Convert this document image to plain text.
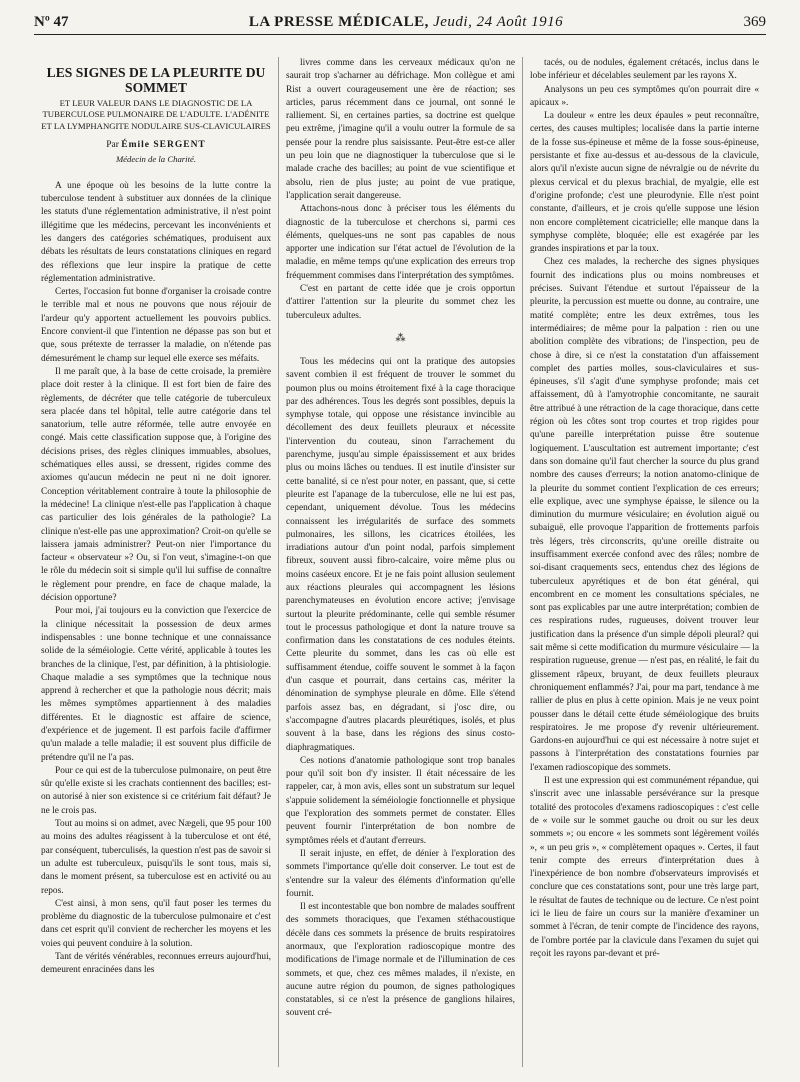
Nº 47	LA PRESSE MÉDICALE, Jeudi, 24 Août 1916	369
LES SIGNES DE LA PLEURITE DU SOMMET
ET LEUR VALEUR DANS LE DIAGNOSTIC DE LA TUBERCULOSE PULMONAIRE DE L'ADULTE. L'ADÉNITE ET LA LYMPHANGITE NODULAIRE SUS-CLAVICULAIRES
Par Émile SERGENT
Médecin de la Charité.

A une époque où les besoins de la lutte contre la tuberculose tendent à substituer aux données de la clinique les statuts d'une réglementation administrative, il n'est point illégitime que les médecins, percevant les inconvénients et les dangers des catégories schématiques, produisent aux débats les résultats de leurs constatations cliniques en regard des réflexions que leur inspire la pratique de cette réglementation administrative.

Certes, l'occasion fut bonne d'organiser la croisade contre le terrible mal et nous ne pouvons que nous réjouir de l'ardeur qu'y apportent actuellement les pouvoirs publics. Encore convient-il que l'intention ne dépasse pas son but et que, sous prétexte de terrasser la maladie, on n'étende pas démesurément le champ sur lequel elle exerce ses méfaits.

Il me paraît que, à la base de cette croisade, la première place doit rester à la clinique. Il est fort bien de faire des règlements, de décréter que telle catégorie de tuberculeux sera placée dans tel hôpital, telle autre catégorie dans tel sanatorium, telle autre réformée, telle autre envoyée en congé. Mais cette classification suppose que, à l'origine des décisions prises, des règles cliniques immuables, absolues, schématiques elles aussi, se dressent, rigides comme des axiomes qu'aucun médecin ne peut ni ne doit ignorer. Conception véritablement contraire à toute la philosophie de la médecine! La clinique n'est-elle pas l'application à chaque cas particulier des lois générales de la pathologie? La clinique n'est-elle pas une approximation? Croit-on qu'elle se laissera jamais administrer? Peut-on nier l'importance du facteur « observateur »? Ou, si l'on veut, s'imagine-t-on que le rôle du médecin soit si simple qu'il lui suffise de connaître le règlement pour prendre, en face de chaque malade, la décision opportune?

Pour moi, j'ai toujours eu la conviction que l'exercice de la clinique nécessitait la possession de deux armes indispensables : une bonne technique et une connaissance solide de la séméiologie. Cette vérité, applicable à toutes les branches de la clinique, l'est, par définition, à la phtisiologie. Chaque maladie a ses symptômes que la technique nous apprend à rechercher et que la pathologie nous décrit; mais les mêmes symptômes appartiennent à des maladies différentes. Et le diagnostic est affaire de science, d'expérience et de jugement. Il est parfois facile d'affirmer qu'un malade a telle maladie; il est souvent plus difficile de prétendre qu'il ne l'a pas.

Pour ce qui est de la tuberculose pulmonaire, on peut être sûr qu'elle existe si les crachats contiennent des bacilles; est-on autorisé à nier son existence si ce critérium fait défaut? Je ne le crois pas.

Tout au moins si on admet, avec Nægeli, que 95 pour 100 au moins des adultes réagissent à la tuberculose et ont été, par conséquent, tuberculisés, la question n'est pas de savoir si un adulte est tuberculeux, puisqu'ils le sont tous, mais si, dans le moment présent, sa tuberculose est en activité ou au repos.

C'est ainsi, à mon sens, qu'il faut poser les termes du problème du diagnostic de la tuberculose pulmonaire et c'est dans cet esprit qu'il convient de rechercher les moyens et les voies qui peuvent conduire à la solution.

Tant de vérités vénérables, reconnues erreurs aujourd'hui, demeurent enracinées dans les

livres comme dans les cerveaux médicaux qu'on ne saurait trop s'acharner au défrichage. Mon collègue et ami Rist a ouvert courageusement une ère de réaction; ses articles, parus récemment dans ce journal, ont sonné le ralliement. Si, en certaines parties, sa doctrine est quelque peu extrême, j'imagine qu'il a voulu outrer la formule de sa pensée pour la rendre plus saisissante. Peut-être est-ce aller un peu loin que ne diagnostiquer la tuberculose que si le malade crache des bacilles; au point de vue scientifique et absolu, rien de plus juste; au point de vue pratique, l'application serait dangereuse.

Attachons-nous donc à préciser tous les éléments du diagnostic de la tuberculose et cherchons si, parmi ces éléments, quelques-uns ne sont pas capables de nous apporter une indication sur l'état actuel de l'évolution de la maladie, en même temps qu'une explication des erreurs trop fréquemment commises dans l'interprétation des symptômes.

C'est en partant de cette idée que je crois opportun d'attirer l'attention sur la pleurite du sommet chez les tuberculeux adultes.

⁂

Tous les médecins qui ont la pratique des autopsies savent combien il est fréquent de trouver le sommet du poumon plus ou moins étroitement fixé à la cage thoracique par des adhérences. Tous les degrés sont possibles, depuis la symphyse totale, qui oppose une résistance invincible au décollement des deux feuillets pleuraux et nécessite l'intervention du couteau, sinon l'arrachement du parenchyme, jusqu'au simple épaississement et aux brides plus ou moins lâches ou tendues. Il est inutile d'insister sur cette banalité, si ce n'est pour noter, en passant, que, si cette pleurite est l'apanage de la tuberculose, elle ne lui est pas, cependant, uniquement dévolue. Tous les médecins connaissent les irrégularités de surface des sommets pulmonaires, les sillons, les cicatrices étoilées, les irradiations autour d'un point nodal, parfois simplement fibreux, souvent aussi fibro-calcaire, voire même plus ou moins caséeux encore. Et je ne fais point allusion seulement aux réactions pleurales qui accompagnent les lésions parenchymateuses en évolution encore active; j'envisage surtout la pleurite prédominante, celle qui semble résumer tout le processus pathologique et dont la nature trouve sa confirmation dans les constatations de ces nodules éteints. Cette pleurite du sommet, dans les cas où elle est suffisamment étendue, coiffe souvent le sommet à la façon d'un casque et pourrait, dans certains cas, mériter la dénomination de symphyse pleurale en dôme. Elle s'étend parfois assez bas, en dégradant, si j'osc dire, ou s'accompagne d'autres placards pleurétiques, isolés, et plus souvent à la base, dans les régions des sinus costo-diaphragmatiques.

Ces notions d'anatomie pathologique sont trop banales pour qu'il soit bon d'y insister. Il était nécessaire de les rappeler, car, à mon avis, elles sont un substratum sur lequel s'appuie solidement la séméiologie fonctionnelle et physique que l'exploration des sommets permet de constater. Elles peuvent fournir l'interprétation de bon nombre de symptômes réels et d'autant d'erreurs.

Il serait injuste, en effet, de dénier à l'exploration des sommets l'importance qu'elle doit conserver. Le tout est de s'entendre sur la valeur des éléments d'information qu'elle fournit.

Il est incontestable que bon nombre de malades souffrent des sommets thoraciques, que l'examen stéthacoustique décèle dans ces sommets la présence de bruits respiratoires anormaux, que l'exploration radioscopique montre des modifications de l'image normale et de l'illumination de ces sommets, et que, chez ces mêmes malades, il n'existe, en aucune autre région du poumon, de signes pathologiques constatables, si ce n'est la présence de ganglions hilaires, souvent cré-

tacés, ou de nodules, également crétacés, inclus dans le lobe inférieur et décelables seulement par les rayons X.

Analysons un peu ces symptômes qu'on pourrait dire « apicaux ».

La douleur « entre les deux épaules » peut reconnaître, certes, des causes multiples; localisée dans la partie interne de la fosse sus-épineuse et même de la fosse sous-épineuse, persistante et fixe au-dessus et au-dessous de la clavicule, alors qu'il n'existe aucun signe de névralgie ou de névrite du plexus cervical et du plexus brachial, de myalgie, elle est d'origine profonde; c'est une pleurodynie. Elle n'est point constante, d'ailleurs, et je crois qu'elle suppose une lésion non encore complètement cicatricielle; elle manque dans la symphyse complète, bloquée; elle est exagérée par les grandes inspirations et par la toux.

Chez ces malades, la recherche des signes physiques fournit des indications plus ou moins nombreuses et précises. Suivant l'étendue et surtout l'épaisseur de la pleurite, la percussion est muette ou donne, au contraire, une matité complète; entre les deux extrêmes, tous les intermédiaires; de même pour la palpation : rien ou une abolition complète des vibrations; de l'inspection, peu de chose à dire, si ce n'est la constatation d'un affaissement complet des parties molles, sous-claviculaires et sus-épineuses, s'il s'agit d'une symphyse profonde; mais cet affaissement, dû à l'amyotrophie concomitante, ne saurait être attribué à une rétraction de la cage thoracique, dans cette région où les côtes sont trop courtes et trop rigides pour qu'une pareille interprétation puisse être soutenue logiquement. L'auscultation est autrement importante; c'est dans son domaine qu'il faut chercher la source du plus grand nombre des causes d'erreurs; la notion anatomo-clinique de la pleurite du sommet contient l'explication de ces erreurs; elle explique, avec une symphyse épaisse, le silence ou la diminution du murmure vésiculaire; en évolution aiguë ou subaiguë, elle provoque l'apparition de frottements parfois très légers, très circonscrits, qu'une oreille distraite ou insuffisamment exercée confond avec des râles; nombre de soi-disant craquements secs, entendus chez des légions de tuberculeux apyrétiques et de bon état général, qui encombrent en ce moment les consultations spéciales, ne sont pas explicables par une autre interprétation; combien de ces respirations rudes, rugueuses, doivent trouver leur justification dans la présence d'un simple dépoli pleural? qui sait même si cette modification du murmure vésiculaire — la respiration rugueuse, grenue — n'est pas, en réalité, le fait du glissement râpeux, bruyant, de deux feuillets pleuraux chroniquement enflammés? J'ai, pour ma part, tendance à me rallier de plus en plus à cette opinion. Mais je ne veux point pousser dans le détail cette étude séméiologique des bruits respiratoires. Je me propose d'y revenir ultérieurement. Gardons-en aujourd'hui ce qui est nécessaire à notre sujet et passons à l'interprétation des constatations fournies par l'examen radioscopique des sommets.

Il est une expression qui est communément répandue, qui s'inscrit avec une inlassable persévérance sur la presque totalité des protocoles d'examens radioscopiques : c'est celle de « voile sur le sommet gauche ou droit ou sur les deux sommets »; ou encore « les sommets sont légèrement voilés », « un peu gris », « complètement opaques ». Certes, il faut tenir compte des erreurs d'interprétation dues à l'inexpérience de bon nombre d'observateurs improvisés et conclure que ces constatations sont, pour une très large part, le résultat de fautes de technique ou de lecture. Ce n'est point ici le lieu de faire un cours sur la manière d'examiner un sommet à l'écran, de tenir compte de l'incidence des rayons, de l'ombre portée par la clavicule dans l'examen du sujet qui reçoit les rayons par-devant et pré-
